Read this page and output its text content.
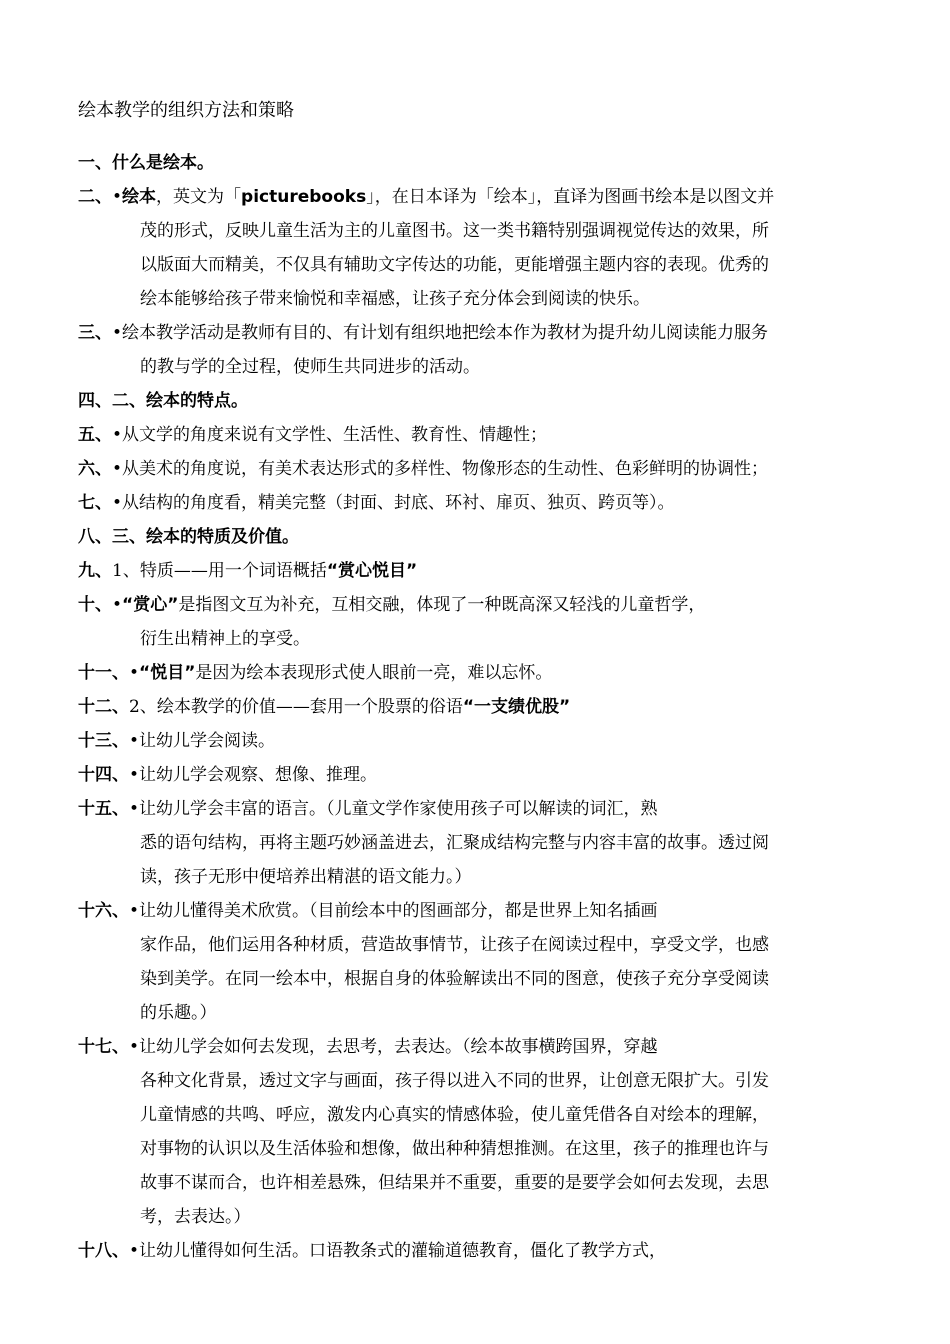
绘本教学的组织方法和策略
一、 什么是绘本。
二、 •绘本，英文为「picturebooks」，在日本译为「绘本」，直译为图画书绘本是以图文并
茂的形式，反映儿童生活为主的儿童图书。这一类书籍特别强调视觉传达的效果，所
以版面大而精美，不仅具有辅助文字传达的功能，更能增强主题内容的表现。优秀的
绘本能够给孩子带来愉悦和幸福感，让孩子充分体会到阅读的快乐。
三、 •绘本教学活动是教师有目的、有计划有组织地把绘本作为教材为提升幼儿阅读能力服务
的教与学的全过程，使师生共同进步的活动。
四、 二、绘本的特点。
五、 •从文学的角度来说有文学性、生活性、教育性、情趣性；
六、 •从美术的角度说，有美术表达形式的多样性、物像形态的生动性、色彩鲜明的协调性；
七、 •从结构的角度看，精美完整（封面、封底、环衬、扉页、独页、跨页等）。
八、 三、绘本的特质及价值。
九、 1、特质——用一个词语概括“赏心悦目”
十、 •“赏心”是指图文互为补充，互相交融，体现了一种既高深又轻浅的儿童哲学，
衍生出精神上的享受。
十一、 •“悦目”是因为绘本表现形式使人眼前一亮，难以忘怀。
十二、 2、绘本教学的价值——套用一个股票的俗语“一支绩优股”
十三、 •让幼儿学会阅读。
十四、 •让幼儿学会观察、想像、推理。
十五、 •让幼儿学会丰富的语言。（儿童文学作家使用孩子可以解读的词汇，熟
悉的语句结构，再将主题巧妙涵盖进去，汇聚成结构完整与内容丰富的故事。透过阅
读，孩子无形中便培养出精湛的语文能力。）
十六、 •让幼儿懂得美术欣赏。（目前绘本中的图画部分，都是世界上知名插画
家作品，他们运用各种材质，营造故事情节，让孩子在阅读过程中，享受文学，也感
染到美学。在同一绘本中，根据自身的体验解读出不同的图意，使孩子充分享受阅读
的乐趣。）
十七、 •让幼儿学会如何去发现，去思考，去表达。（绘本故事横跨国界，穿越
各种文化背景，透过文字与画面，孩子得以进入不同的世界，让创意无限扩大。引发
儿童情感的共鸣、呼应，激发内心真实的情感体验，使儿童凭借各自对绘本的理解，
对事物的认识以及生活体验和想像，做出种种猜想推测。在这里，孩子的推理也许与
故事不谋而合，也许相差悬殊，但结果并不重要，重要的是要学会如何去发现，去思
考，去表达。）
十八、 •让幼儿懂得如何生活。口语教条式的灌输道德教育，僵化了教学方式，
